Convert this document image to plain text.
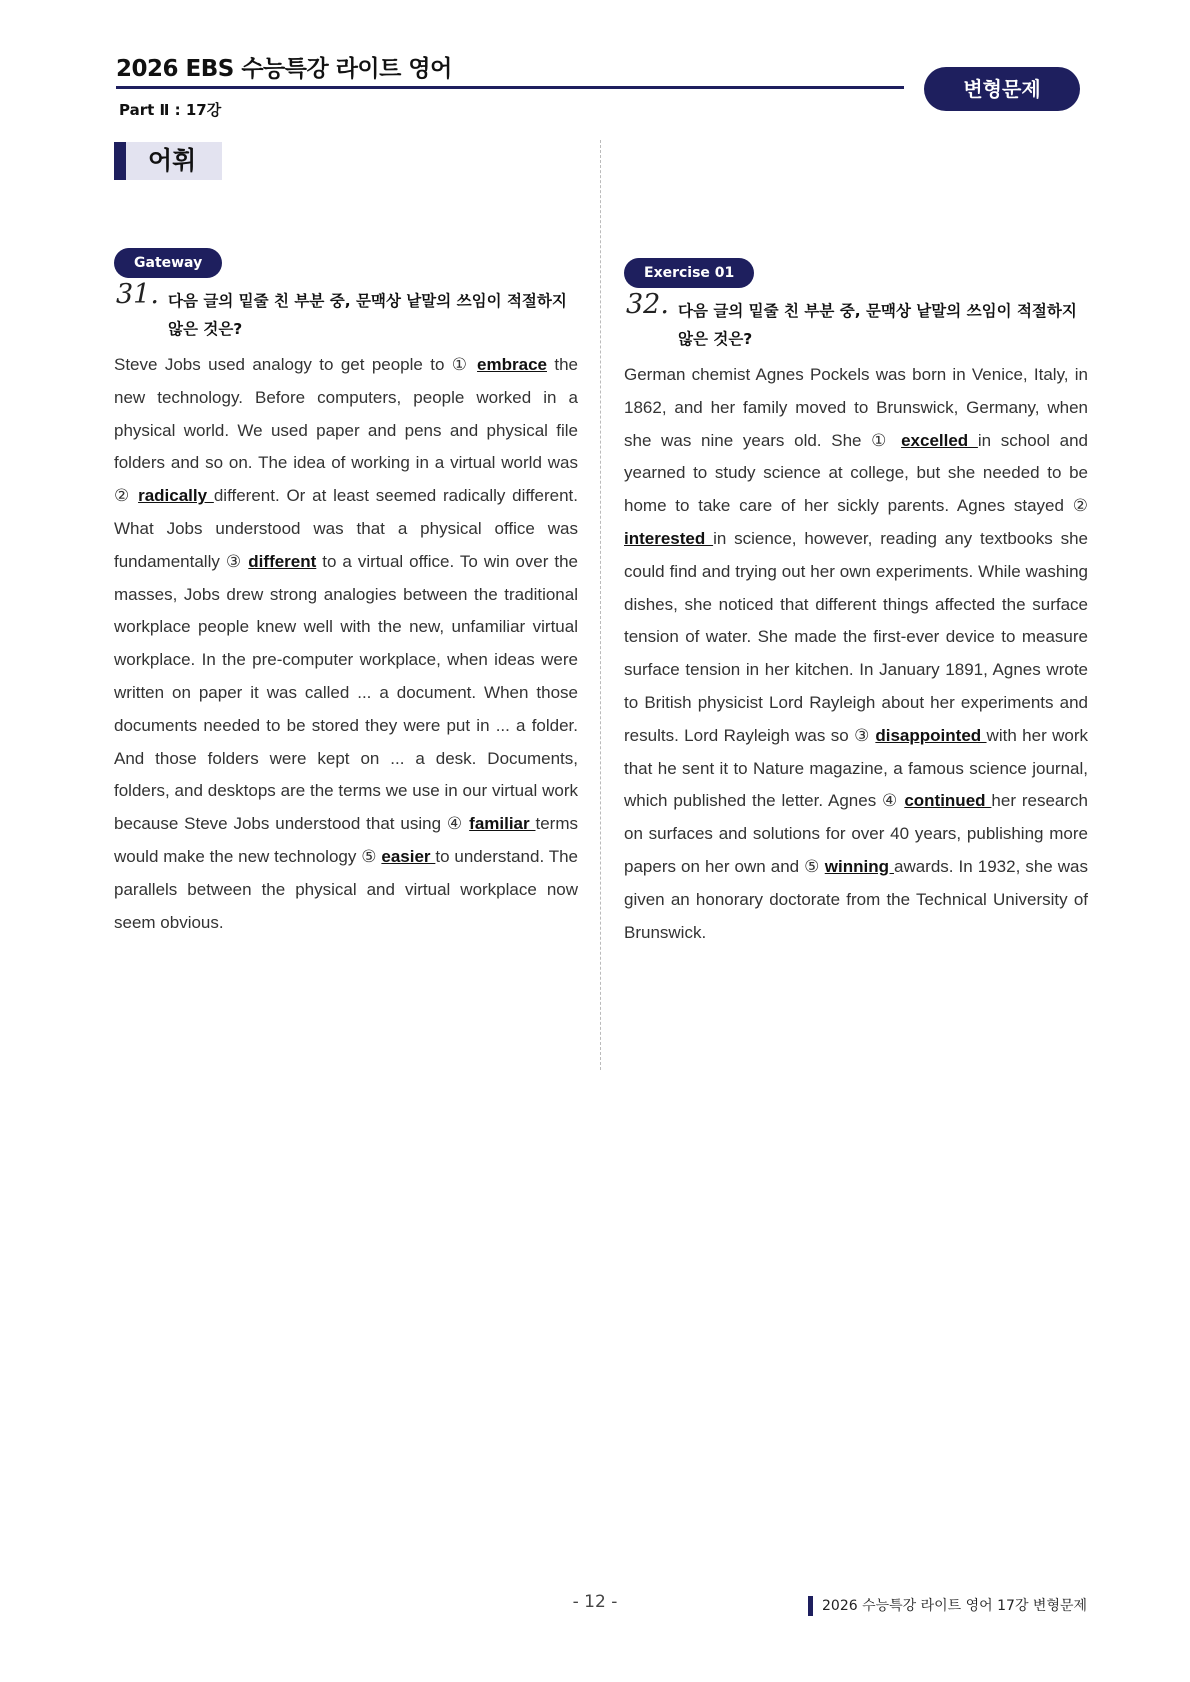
2026 EBS 수능특강 라이트 영어
Part Ⅱ : 17강
변형문제
어휘
Gateway
31. 다음 글의 밑줄 친 부분 중, 문맥상 낱말의 쓰임이 적절하지 않은 것은?
Steve Jobs used analogy to get people to ① embrace the new technology. Before computers, people worked in a physical world. We used paper and pens and physical file folders and so on. The idea of working in a virtual world was ② radically different. Or at least seemed radically different. What Jobs understood was that a physical office was fundamentally ③ different to a virtual office. To win over the masses, Jobs drew strong analogies between the traditional workplace people knew well with the new, unfamiliar virtual workplace. In the pre-computer workplace, when ideas were written on paper it was called ... a document. When those documents needed to be stored they were put in ... a folder. And those folders were kept on ... a desk. Documents, folders, and desktops are the terms we use in our virtual work because Steve Jobs understood that using ④ familiar terms would make the new technology ⑤ easier to understand. The parallels between the physical and virtual workplace now seem obvious.
Exercise 01
32. 다음 글의 밑줄 친 부분 중, 문맥상 낱말의 쓰임이 적절하지 않은 것은?
German chemist Agnes Pockels was born in Venice, Italy, in 1862, and her family moved to Brunswick, Germany, when she was nine years old. She ① excelled in school and yearned to study science at college, but she needed to be home to take care of her sickly parents. Agnes stayed ② interested in science, however, reading any textbooks she could find and trying out her own experiments. While washing dishes, she noticed that different things affected the surface tension of water. She made the first-ever device to measure surface tension in her kitchen. In January 1891, Agnes wrote to British physicist Lord Rayleigh about her experiments and results. Lord Rayleigh was so ③ disappointed with her work that he sent it to Nature magazine, a famous science journal, which published the letter. Agnes ④ continued her research on surfaces and solutions for over 40 years, publishing more papers on her own and ⑤ winning awards. In 1932, she was given an honorary doctorate from the Technical University of Brunswick.
- 12 -	2026 수능특강 라이트 영어 17강 변형문제
